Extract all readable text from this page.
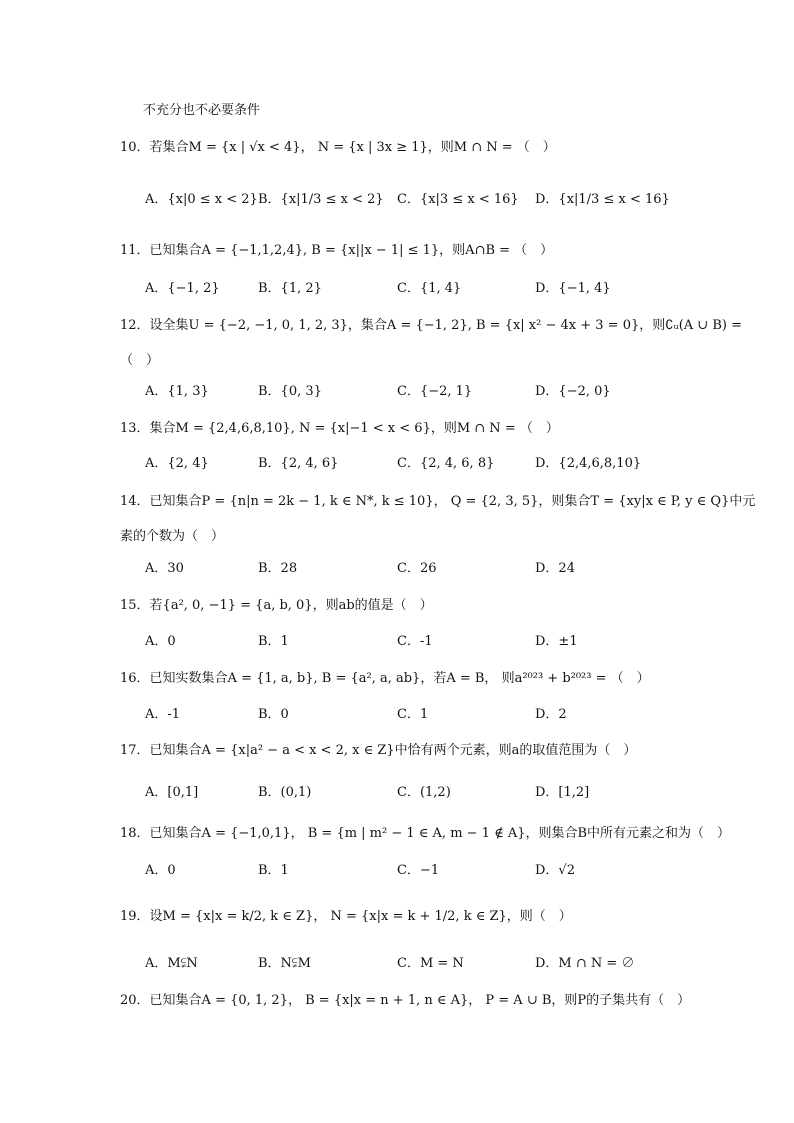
不充分也不必要条件
10．若集合M = {x | √x < 4}， N = {x | 3x ≥ 1}，则M ∩ N = （　）
A．{x|0 ≤ x < 2} B．{x|1/3 ≤ x < 2} C．{x|3 ≤ x < 16} D．{x|1/3 ≤ x < 16}
11．已知集合A = {−1,1,2,4}, B = {x||x − 1| ≤ 1}，则A∩B = （　）
A．{−1, 2}	B．{1, 2}	C．{1, 4}	D．{−1, 4}
12．设全集U = {−2, −1, 0, 1, 2, 3}，集合A = {−1, 2}, B = {x| x² − 4x + 3 = 0}，则∁ᵤ(A ∪ B) =
（　）
A．{1, 3}	B．{0, 3}	C．{−2, 1}	D．{−2, 0}
13．集合M = {2,4,6,8,10}, N = {x|−1 < x < 6}，则M ∩ N = （　）
A．{2, 4}	B．{2, 4, 6}	C．{2, 4, 6, 8}	D．{2,4,6,8,10}
14．已知集合P = {n|n = 2k − 1, k ∈ N*, k ≤ 10}， Q = {2, 3, 5}，则集合T = {xy|x ∈ P, y ∈ Q}中元
素的个数为（　）
A．30	B．28	C．26	D．24
15．若{a², 0, −1} = {a, b, 0}，则ab的值是（　）
A．0	B．1	C．-1	D．±1
16．已知实数集合A = {1, a, b}, B = {a², a, ab}，若A = B， 则a²⁰²³ + b²⁰²³ = （　）
A．-1	B．0	C．1	D．2
17．已知集合A = {x|a² − a < x < 2, x ∈ Z}中恰有两个元素，则a的取值范围为（　）
A．[0,1]	B．(0,1)	C．(1,2)	D．[1,2]
18．已知集合A = {−1,0,1}， B = {m | m² − 1 ∈ A, m − 1 ∉ A}，则集合B中所有元素之和为（　）
A．0	B．1	C．−1	D．√2
19．设M = {x|x = k/2, k ∈ Z}， N = {x|x = k + 1/2, k ∈ Z}，则（　）
A．M⫋N	B．N⫋M	C．M = N	D．M ∩ N = ∅
20．已知集合A = {0, 1, 2}， B = {x|x = n + 1, n ∈ A}， P = A ∪ B，则P的子集共有（　）
